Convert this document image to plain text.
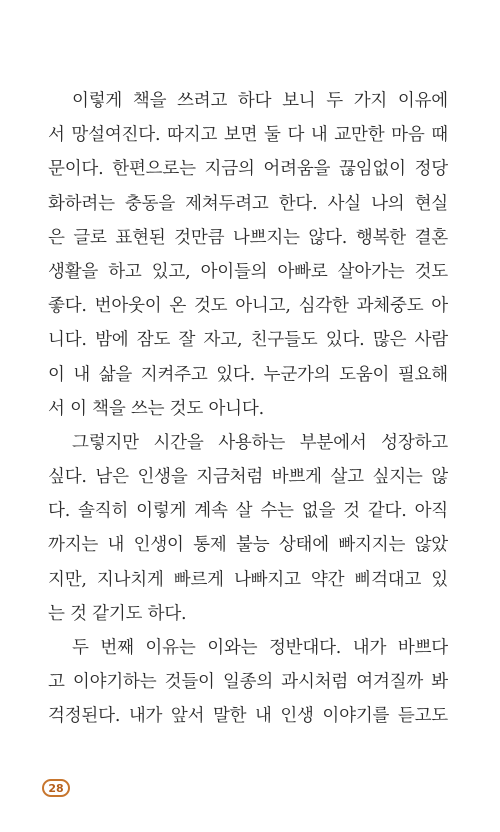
이렇게 책을 쓰려고 하다 보니 두 가지 이유에
서 망설여진다. 따지고 보면 둘 다 내 교만한 마음 때
문이다. 한편으로는 지금의 어려움을 끊임없이 정당
화하려는 충동을 제쳐두려고 한다. 사실 나의 현실
은 글로 표현된 것만큼 나쁘지는 않다. 행복한 결혼
생활을 하고 있고, 아이들의 아빠로 살아가는 것도
좋다. 번아웃이 온 것도 아니고, 심각한 과체중도 아
니다. 밤에 잠도 잘 자고, 친구들도 있다. 많은 사람
이 내 삶을 지켜주고 있다. 누군가의 도움이 필요해
서 이 책을 쓰는 것도 아니다.
그렇지만 시간을 사용하는 부분에서 성장하고
싶다. 남은 인생을 지금처럼 바쁘게 살고 싶지는 않
다. 솔직히 이렇게 계속 살 수는 없을 것 같다. 아직
까지는 내 인생이 통제 불능 상태에 빠지지는 않았
지만, 지나치게 빠르게 나빠지고 약간 삐걱대고 있
는 것 같기도 하다.
두 번째 이유는 이와는 정반대다. 내가 바쁘다
고 이야기하는 것들이 일종의 과시처럼 여겨질까 봐
걱정된다. 내가 앞서 말한 내 인생 이야기를 듣고도
28
